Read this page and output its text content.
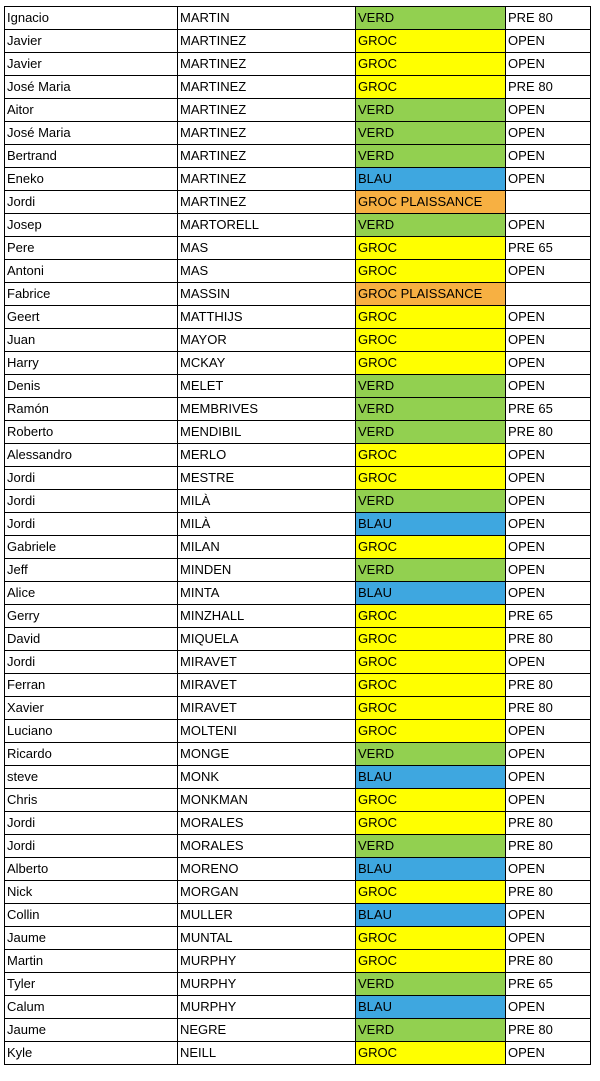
Ignacio	MARTIN	VERD	PRE 80
Javier	MARTINEZ	GROC	OPEN
Javier	MARTINEZ	GROC	OPEN
José Maria	MARTINEZ	GROC	PRE 80
Aitor	MARTINEZ	VERD	OPEN
José Maria	MARTINEZ	VERD	OPEN
Bertrand	MARTINEZ	VERD	OPEN
Eneko	MARTINEZ	BLAU	OPEN
Jordi	MARTINEZ	GROC PLAISSANCE	
Josep	MARTORELL	VERD	OPEN
Pere	MAS	GROC	PRE 65
Antoni	MAS	GROC	OPEN
Fabrice	MASSIN	GROC PLAISSANCE	
Geert	MATTHIJS	GROC	OPEN
Juan	MAYOR	GROC	OPEN
Harry	MCKAY	GROC	OPEN
Denis	MELET	VERD	OPEN
Ramón	MEMBRIVES	VERD	PRE 65
Roberto	MENDIBIL	VERD	PRE 80
Alessandro	MERLO	GROC	OPEN
Jordi	MESTRE	GROC	OPEN
Jordi	MILÀ	VERD	OPEN
Jordi	MILÀ	BLAU	OPEN
Gabriele	MILAN	GROC	OPEN
Jeff	MINDEN	VERD	OPEN
Alice	MINTA	BLAU	OPEN
Gerry	MINZHALL	GROC	PRE 65
David	MIQUELA	GROC	PRE 80
Jordi	MIRAVET	GROC	OPEN
Ferran	MIRAVET	GROC	PRE 80
Xavier	MIRAVET	GROC	PRE 80
Luciano	MOLTENI	GROC	OPEN
Ricardo	MONGE	VERD	OPEN
steve	MONK	BLAU	OPEN
Chris	MONKMAN	GROC	OPEN
Jordi	MORALES	GROC	PRE 80
Jordi	MORALES	VERD	PRE 80
Alberto	MORENO	BLAU	OPEN
Nick	MORGAN	GROC	PRE 80
Collin	MULLER	BLAU	OPEN
Jaume	MUNTAL	GROC	OPEN
Martin	MURPHY	GROC	PRE 80
Tyler	MURPHY	VERD	PRE 65
Calum	MURPHY	BLAU	OPEN
Jaume	NEGRE	VERD	PRE 80
Kyle	NEILL	GROC	OPEN
